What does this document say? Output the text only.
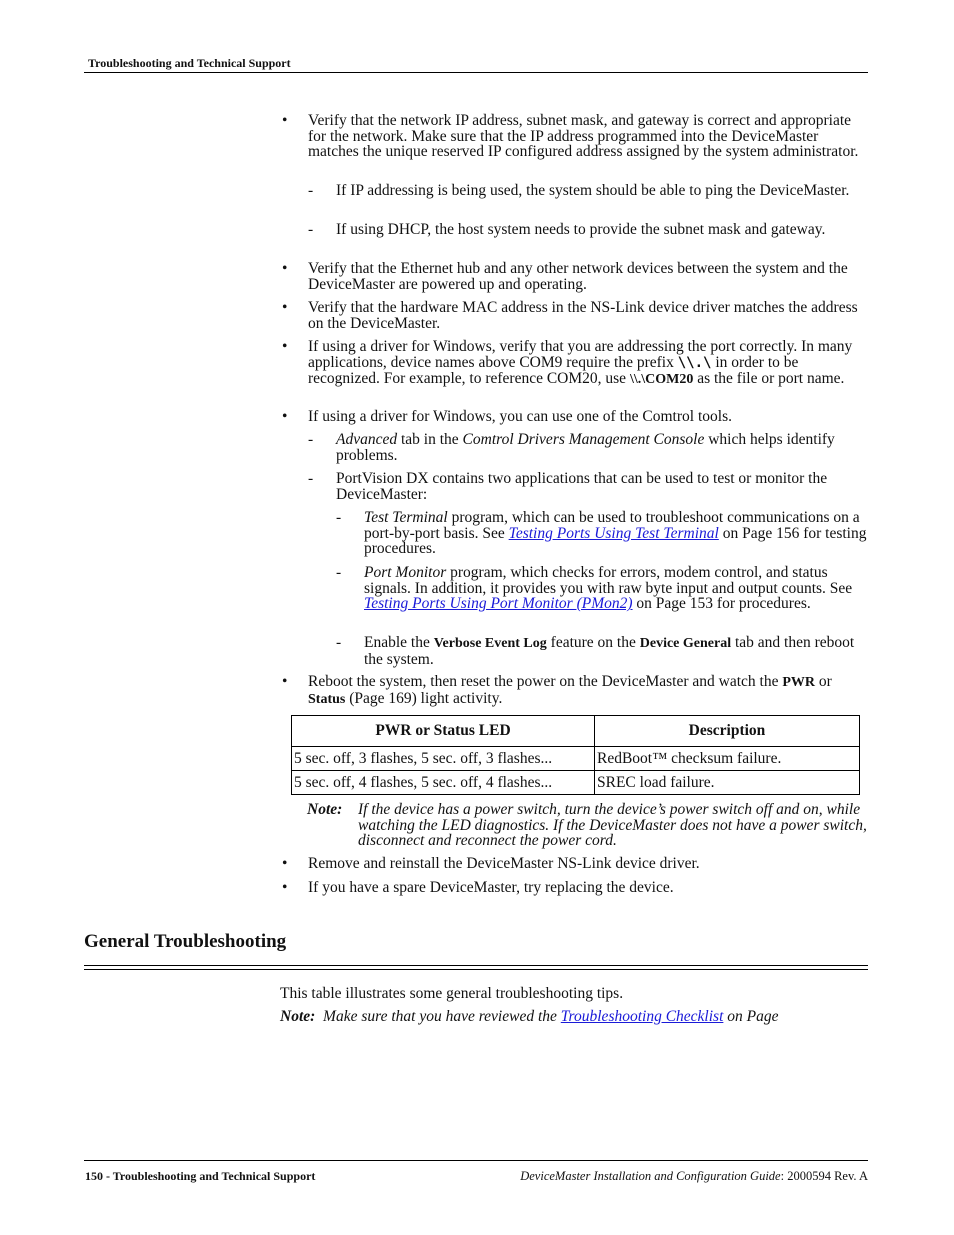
Troubleshooting and Technical Support
• Verify that the network IP address, subnet mask, and gateway is correct and appropriate for the network. Make sure that the IP address programmed into the DeviceMaster matches the unique reserved IP configured address assigned by the system administrator.
- If IP addressing is being used, the system should be able to ping the DeviceMaster.
- If using DHCP, the host system needs to provide the subnet mask and gateway.
• Verify that the Ethernet hub and any other network devices between the system and the DeviceMaster are powered up and operating.
• Verify that the hardware MAC address in the NS-Link device driver matches the address on the DeviceMaster.
• If using a driver for Windows, verify that you are addressing the port correctly. In many applications, device names above COM9 require the prefix \\.\ in order to be recognized. For example, to reference COM20, use \\.\COM20 as the file or port name.
• If using a driver for Windows, you can use one of the Comtrol tools.
- Advanced tab in the Comtrol Drivers Management Console which helps identify problems.
- PortVision DX contains two applications that can be used to test or monitor the DeviceMaster:
- Test Terminal program, which can be used to troubleshoot communications on a port-by-port basis. See Testing Ports Using Test Terminal on Page 156 for testing procedures.
- Port Monitor program, which checks for errors, modem control, and status signals. In addition, it provides you with raw byte input and output counts. See Testing Ports Using Port Monitor (PMon2) on Page 153 for procedures.
- Enable the Verbose Event Log feature on the Device General tab and then reboot the system.
• Reboot the system, then reset the power on the DeviceMaster and watch the PWR or Status (Page 169) light activity.
PWR or Status LED	Description
5 sec. off, 3 flashes, 5 sec. off, 3 flashes...	RedBoot™ checksum failure.
5 sec. off, 4 flashes, 5 sec. off, 4 flashes...	SREC load failure.
Note: If the device has a power switch, turn the device’s power switch off and on, while watching the LED diagnostics. If the DeviceMaster does not have a power switch, disconnect and reconnect the power cord.
• Remove and reinstall the DeviceMaster NS-Link device driver.
• If you have a spare DeviceMaster, try replacing the device.
General Troubleshooting
This table illustrates some general troubleshooting tips.
Note: Make sure that you have reviewed the Troubleshooting Checklist on Page
150 - Troubleshooting and Technical Support	DeviceMaster Installation and Configuration Guide: 2000594 Rev. A
